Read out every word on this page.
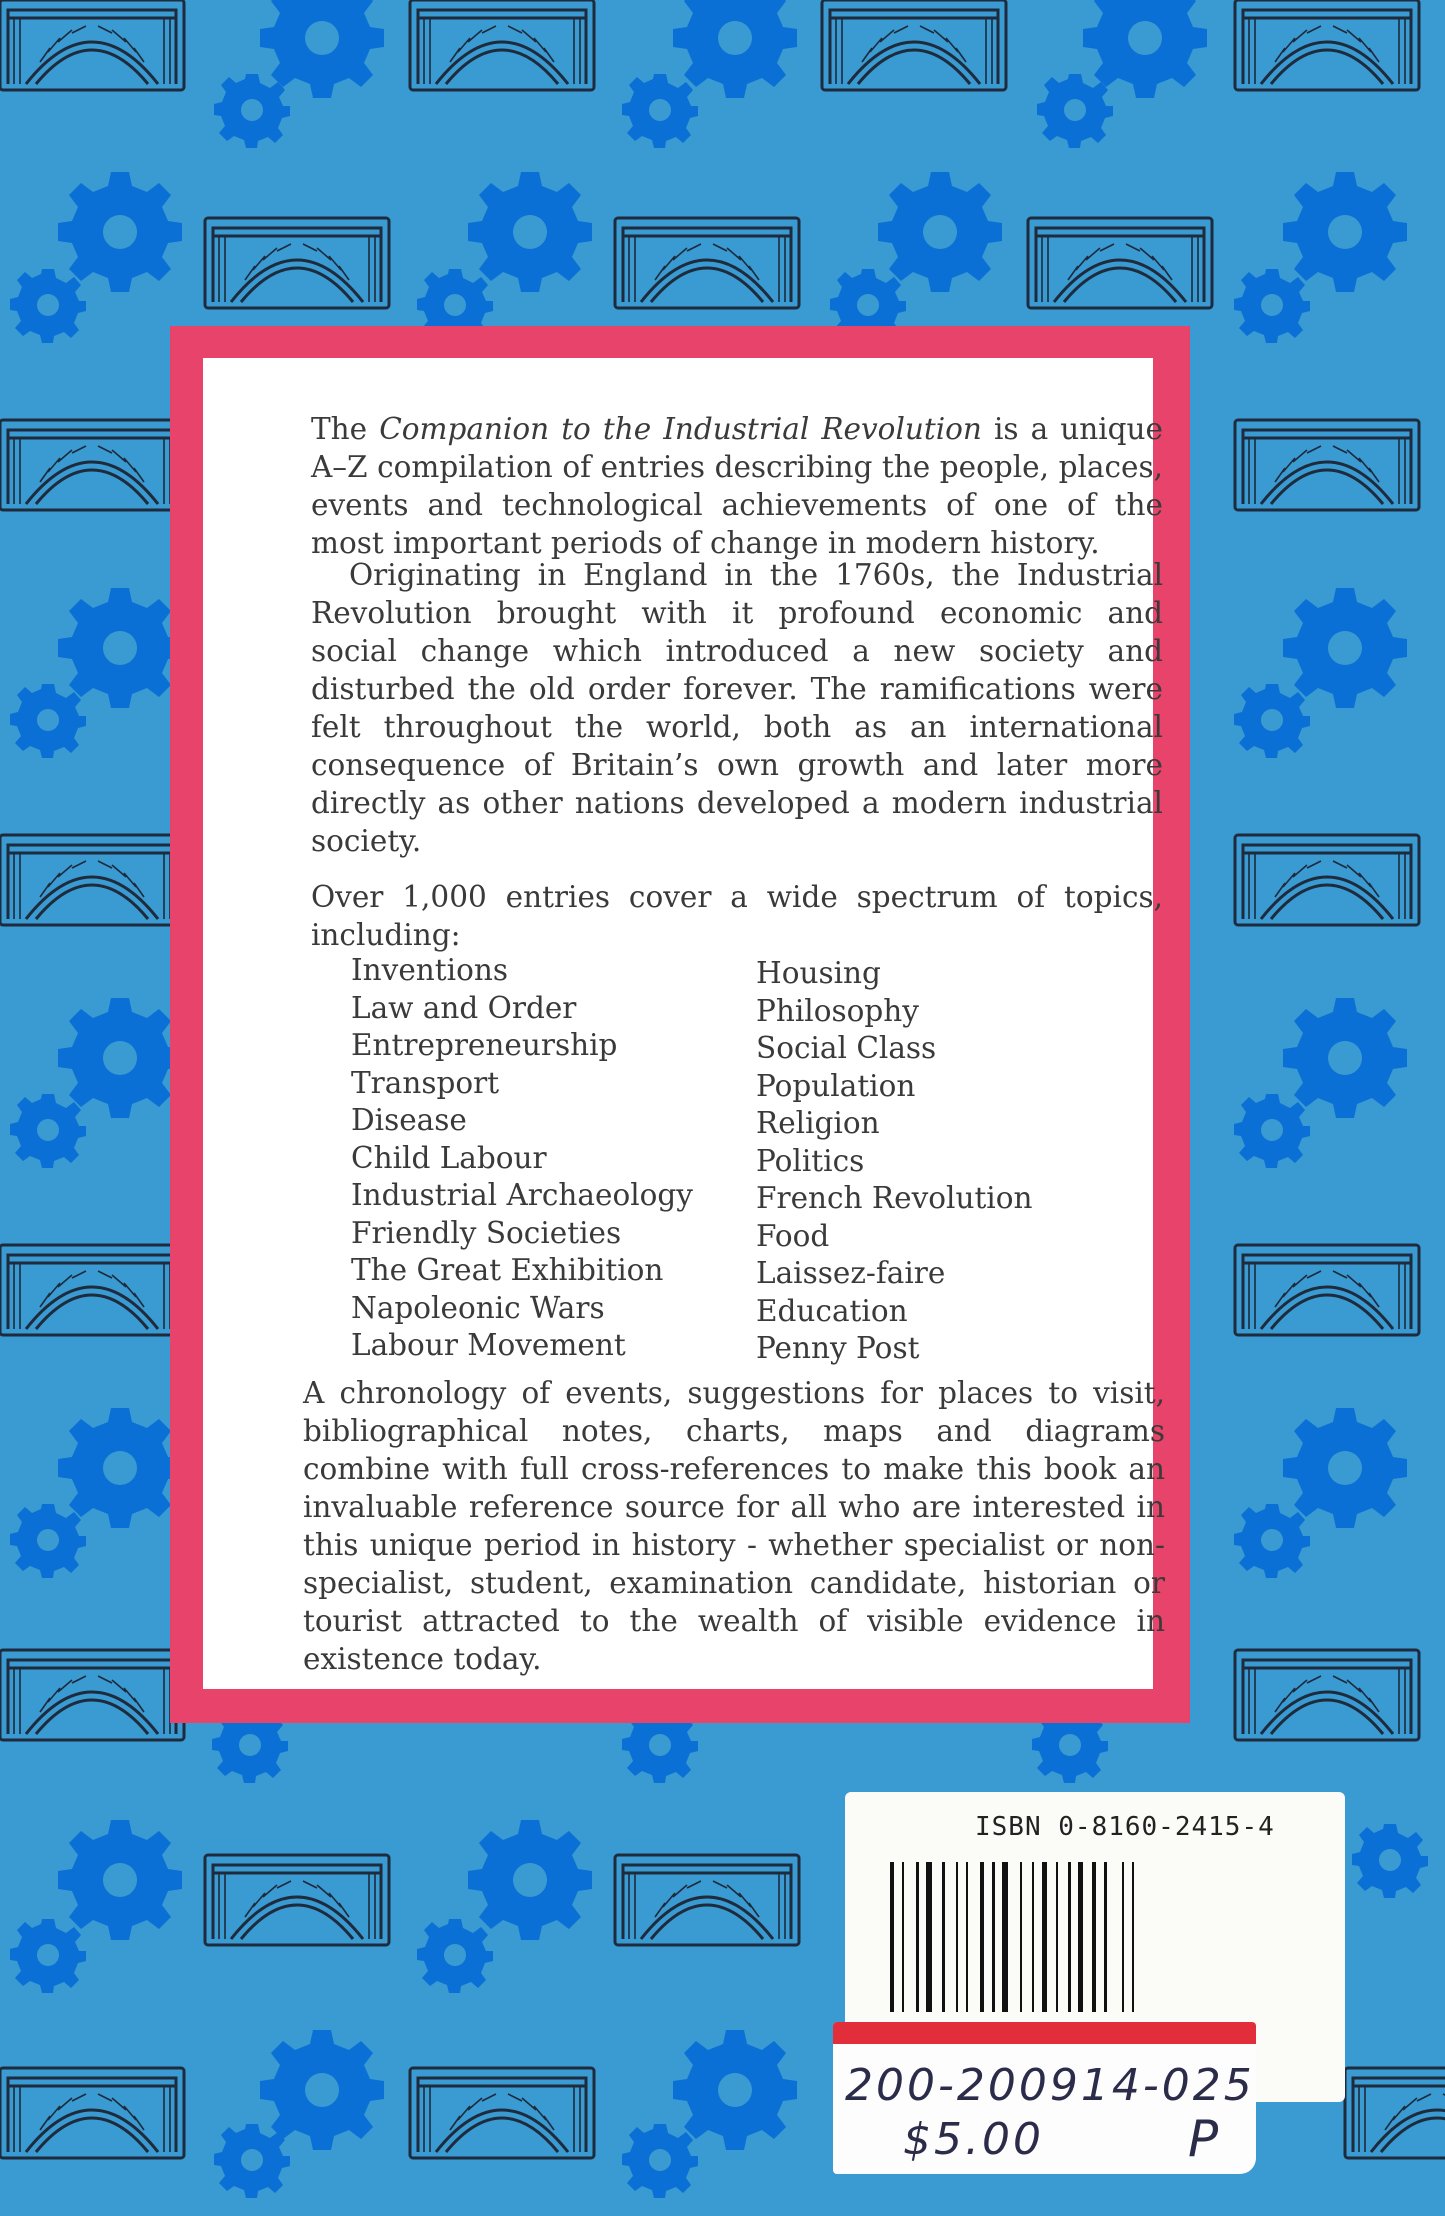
The Companion to the Industrial Revolution is a unique A–Z compilation of entries describing the people, places, events and technological achievements of one of the most important periods of change in modern history.

Originating in England in the 1760s, the Industrial Revolution brought with it profound economic and social change which introduced a new society and disturbed the old order forever. The ramifications were felt throughout the world, both as an international consequence of Britain’s own growth and later more directly as other nations developed a modern industrial society.

Over 1,000 entries cover a wide spectrum of topics, including:

Inventions
Law and Order
Entrepreneurship
Transport
Disease
Child Labour
Industrial Archaeology
Friendly Societies
The Great Exhibition
Napoleonic Wars
Labour Movement
Housing
Philosophy
Social Class
Population
Religion
Politics
French Revolution
Food
Laissez-faire
Education
Penny Post

A chronology of events, suggestions for places to visit, bibliographical notes, charts, maps and diagrams combine with full cross-references to make this book an invaluable reference source for all who are interested in this unique period in history - whether specialist or non-specialist, student, examination candidate, historian or tourist attracted to the wealth of visible evidence in existence today.

ISBN 0-8160-2415-4
200-200914-025
$5.00	P
